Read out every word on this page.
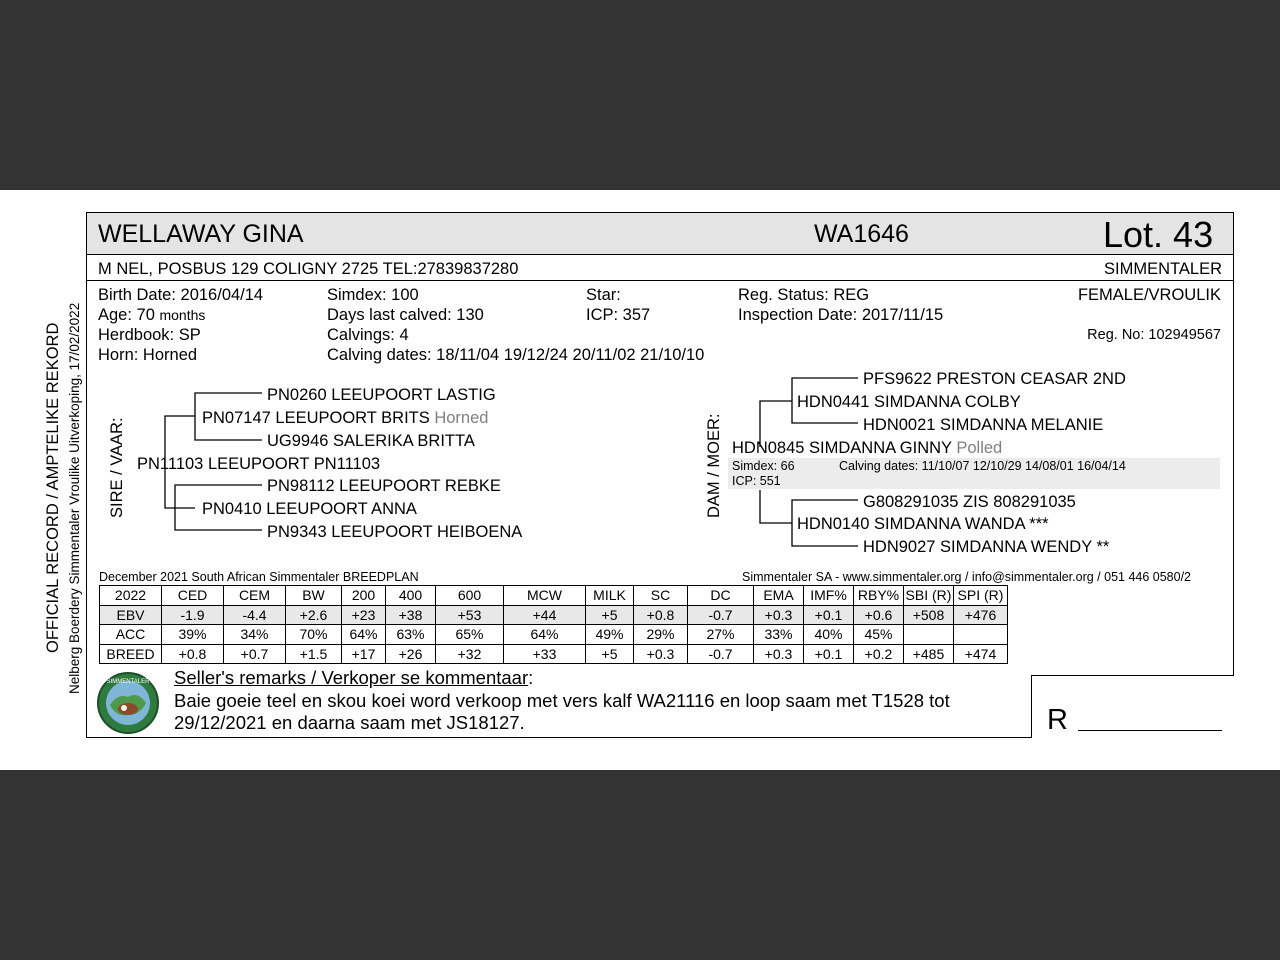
OFFICIAL RECORD / AMPTELIKE REKORD Nelberg Boerdery Simmentaler Vroulike Uitverkoping, 17/02/2022
WELLAWAY GINA	WA1646	Lot. 43
M NEL, POSBUS 129 COLIGNY 2725 TEL:27839837280	SIMMENTALER
Birth Date: 2016/04/14
Age: 70 months
Herdbook: SP
Horn: Horned
Simdex: 100
Days last calved: 130
Calvings: 4
Calving dates: 18/11/04 19/12/24 20/11/02 21/10/10
Star:
ICP: 357
Reg. Status: REG
Inspection Date: 2017/11/15
FEMALE/VROULIK
Reg. No: 102949567
SIRE / VAAR:
PN0260 LEEUPOORT LASTIG
PN07147 LEEUPOORT BRITS Horned
UG9946 SALERIKA BRITTA
PN11103 LEEUPOORT PN11103
PN98112 LEEUPOORT REBKE
PN0410 LEEUPOORT ANNA
PN9343 LEEUPOORT HEIBOENA
DAM / MOER:
PFS9622 PRESTON CEASAR 2ND
HDN0441 SIMDANNA COLBY
HDN0021 SIMDANNA MELANIE
HDN0845 SIMDANNA GINNY Polled
Simdex: 66	Calving dates: 11/10/07 12/10/29 14/08/01 16/04/14
ICP: 551
G808291035 ZIS 808291035
HDN0140 SIMDANNA WANDA ***
HDN9027 SIMDANNA WENDY **
December 2021 South African Simmentaler BREEDPLAN	Simmentaler SA - www.simmentaler.org / info@simmentaler.org / 051 446 0580/2
2022	CED	CEM	BW	200	400	600	MCW	MILK	SC	DC	EMA	IMF%	RBY%	SBI (R)	SPI (R)
EBV	-1.9	-4.4	+2.6	+23	+38	+53	+44	+5	+0.8	-0.7	+0.3	+0.1	+0.6	+508	+476
ACC	39%	34%	70%	64%	63%	65%	64%	49%	29%	27%	33%	40%	45%		
BREED	+0.8	+0.7	+1.5	+17	+26	+32	+33	+5	+0.3	-0.7	+0.3	+0.1	+0.2	+485	+474
SIMMENTALER Seller's remarks / Verkoper se kommentaar:
Baie goeie teel en skou koei word verkoop met vers kalf WA21116 en loop saam met T1528 tot
29/12/2021 en daarna saam met JS18127.	R
